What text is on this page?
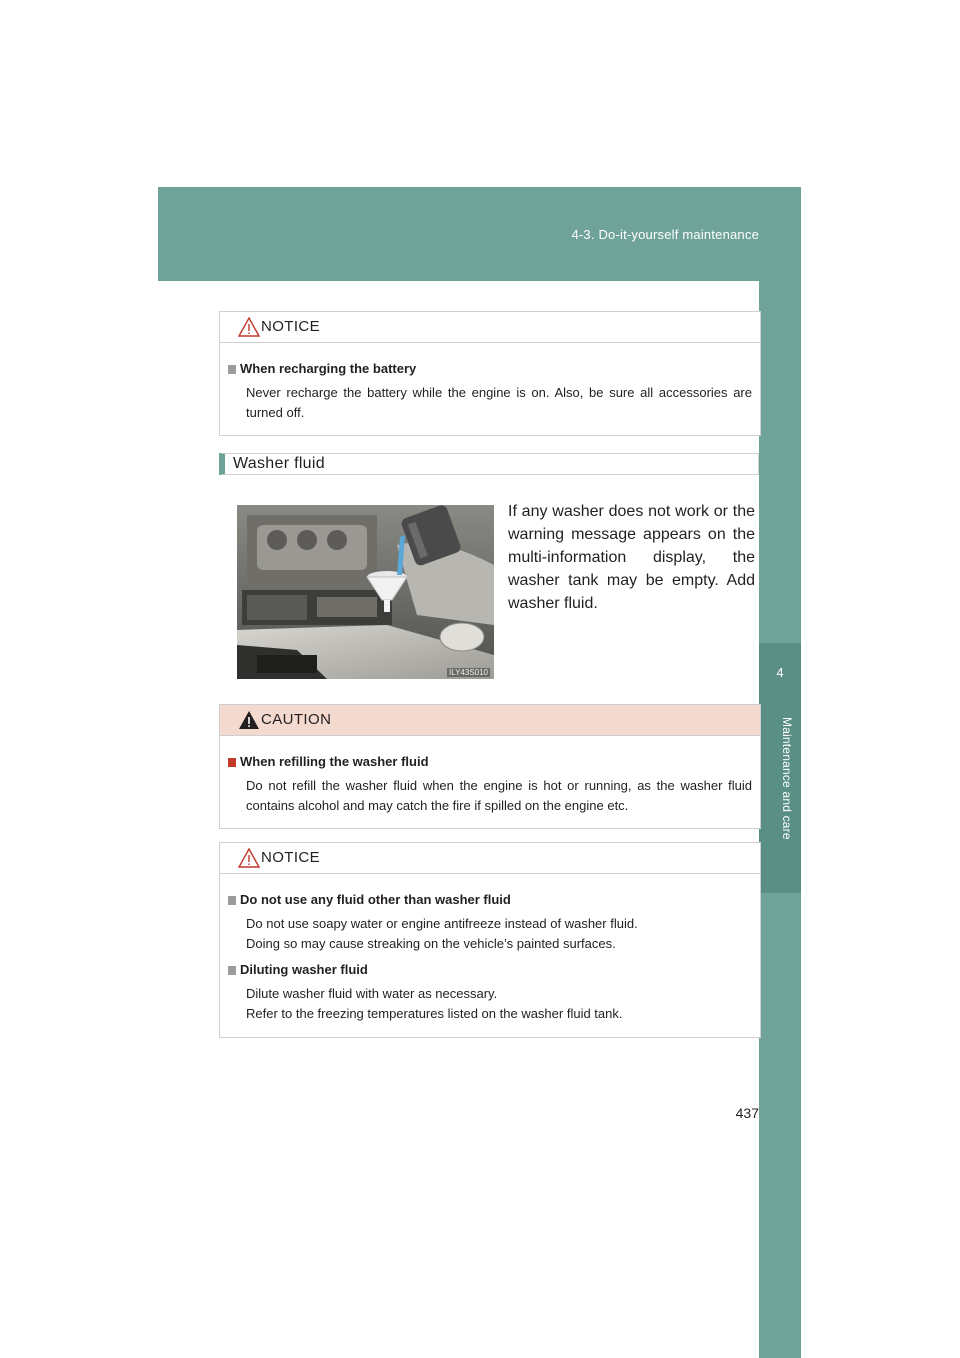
4-3. Do-it-yourself maintenance
4
Maintenance and care
NOTICE
When recharging the battery
Never recharge the battery while the engine is on. Also, be sure all accessories are turned off.
Washer fluid
ILY43S010
If any washer does not work or the
warning message appears on the
multi-information display, the
washer tank may be empty. Add
washer fluid.
CAUTION
When refilling the washer fluid
Do not refill the washer fluid when the engine is hot or running, as the washer fluid contains alcohol and may catch the fire if spilled on the engine etc.
NOTICE
Do not use any fluid other than washer fluid
Do not use soapy water or engine antifreeze instead of washer fluid.
Doing so may cause streaking on the vehicle’s painted surfaces.
Diluting washer fluid
Dilute washer fluid with water as necessary.
Refer to the freezing temperatures listed on the washer fluid tank.
437
